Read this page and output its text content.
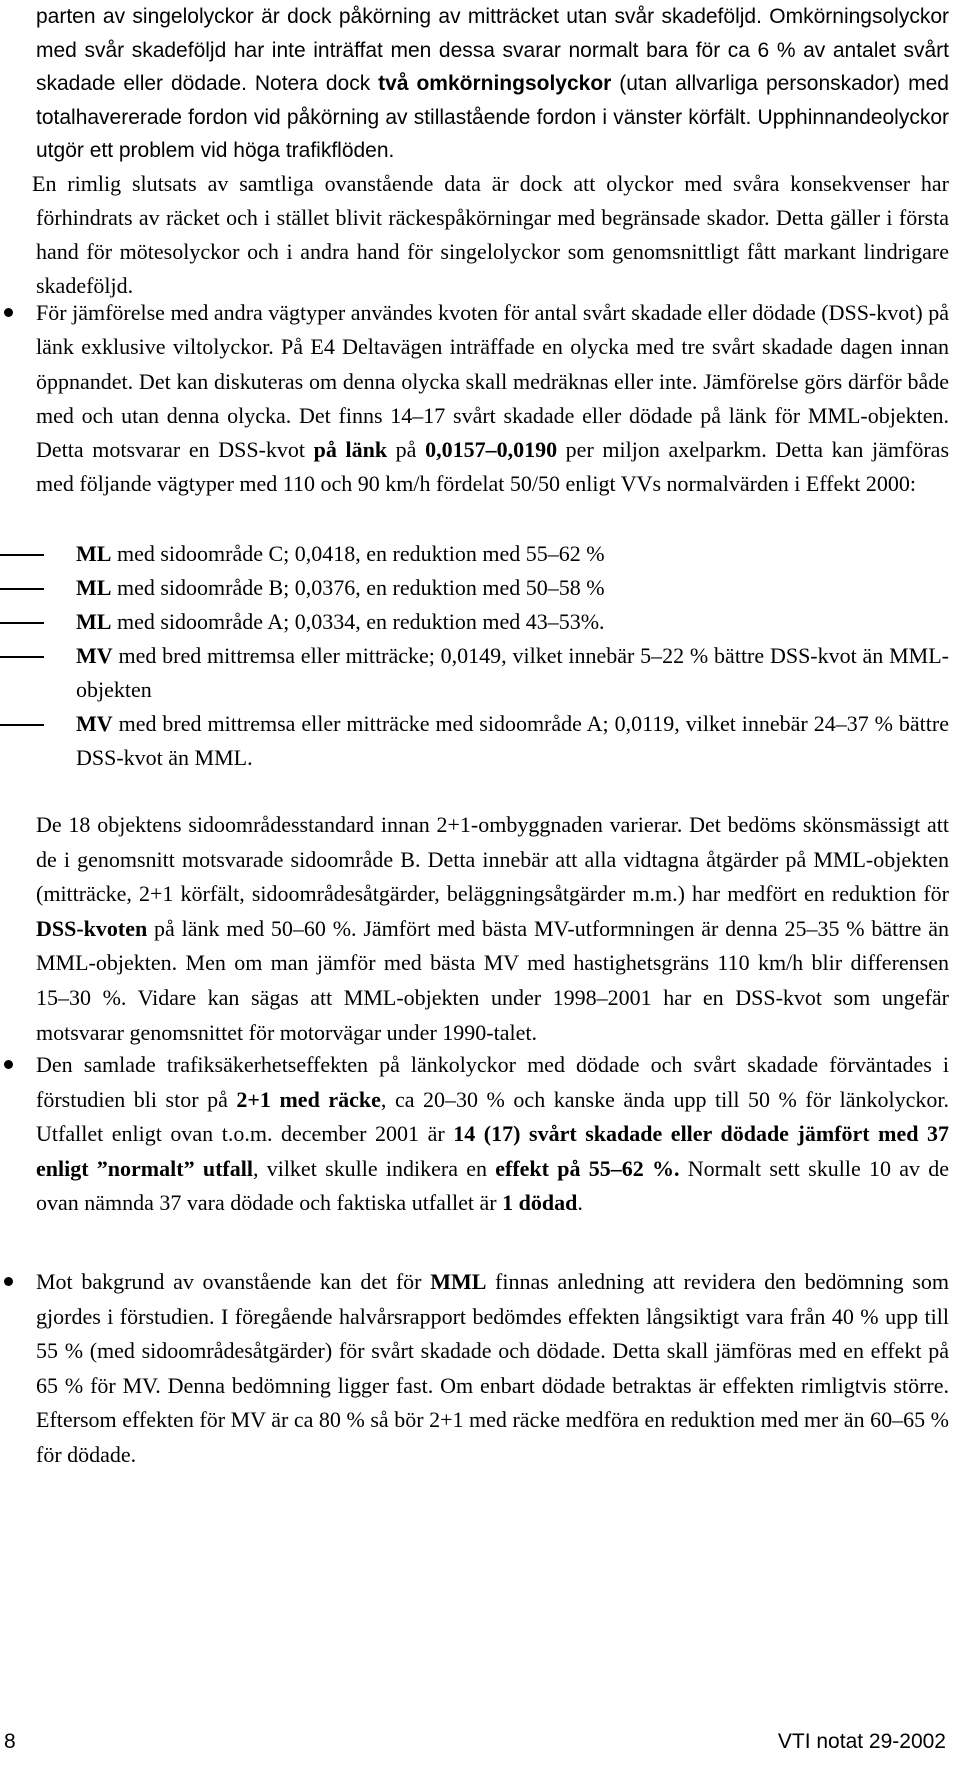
parten av singelolyckor är dock påkörning av mitträcket utan svår skadeföljd. Omkörningsolyckor med svår skadeföljd har inte inträffat men dessa svarar normalt bara för ca 6 % av antalet svårt skadade eller dödade. Notera dock två omkörningsolyckor (utan allvarliga personskador) med totalhavererade fordon vid påkörning av stillastående fordon i vänster körfält. Upphinnandeolyckor utgör ett problem vid höga trafikflöden.

En rimlig slutsats av samtliga ovanstående data är dock att olyckor med svåra konsekvenser har förhindrats av räcket och i stället blivit räckespåkörningar med begränsade skador. Detta gäller i första hand för mötesolyckor och i andra hand för singelolyckor som genomsnittligt fått markant lindrigare skadeföljd.

För jämförelse med andra vägtyper användes kvoten för antal svårt skadade eller dödade (DSS-kvot) på länk exklusive viltolyckor. På E4 Deltavägen inträffade en olycka med tre svårt skadade dagen innan öppnandet. Det kan diskuteras om denna olycka skall medräknas eller inte. Jämförelse görs därför både med och utan denna olycka. Det finns 14–17 svårt skadade eller dödade på länk för MML-objekten. Detta motsvarar en DSS-kvot på länk på 0,0157–0,0190 per miljon axelparkm. Detta kan jämföras med följande vägtyper med 110 och 90 km/h fördelat 50/50 enligt VVs normalvärden i Effekt 2000:

ML med sidoområde C; 0,0418, en reduktion med 55–62 %

ML med sidoområde B; 0,0376, en reduktion med 50–58 %

ML med sidoområde A; 0,0334, en reduktion med 43–53%.

MV med bred mittremsa eller mitträcke; 0,0149, vilket innebär 5–22 % bättre DSS-kvot än MML-objekten

MV med bred mittremsa eller mitträcke med sidoområde A; 0,0119, vilket innebär 24–37 % bättre DSS-kvot än MML.

De 18 objektens sidoområdesstandard innan 2+1-ombyggnaden varierar. Det bedöms skönsmässigt att de i genomsnitt motsvarade sidoområde B. Detta innebär att alla vidtagna åtgärder på MML-objekten (mitträcke, 2+1 körfält, sidoområdesåtgärder, beläggningsåtgärder m.m.) har medfört en reduktion för DSS-kvoten på länk med 50–60 %. Jämfört med bästa MV-utformningen är denna 25–35 % bättre än MML-objekten. Men om man jämför med bästa MV med hastighetsgräns 110 km/h blir differensen 15–30 %. Vidare kan sägas att MML-objekten under 1998–2001 har en DSS-kvot som ungefär motsvarar genomsnittet för motorvägar under 1990-talet.

Den samlade trafiksäkerhetseffekten på länkolyckor med dödade och svårt skadade förväntades i förstudien bli stor på 2+1 med räcke, ca 20–30 % och kanske ända upp till 50 % för länkolyckor. Utfallet enligt ovan t.o.m. december 2001 är 14 (17) svårt skadade eller dödade jämfört med 37 enligt ”normalt” utfall, vilket skulle indikera en effekt på 55–62 %. Normalt sett skulle 10 av de ovan nämnda 37 vara dödade och faktiska utfallet är 1 dödad.

Mot bakgrund av ovanstående kan det för MML finnas anledning att revidera den bedömning som gjordes i förstudien. I föregående halvårsrapport bedömdes effekten långsiktigt vara från 40 % upp till 55 % (med sidoområdesåtgärder) för svårt skadade och dödade. Detta skall jämföras med en effekt på 65 % för MV. Denna bedömning ligger fast. Om enbart dödade betraktas är effekten rimligtvis större. Eftersom effekten för MV är ca 80 % så bör 2+1 med räcke medföra en reduktion med mer än 60–65 % för dödade.

8	VTI notat 29-2002
